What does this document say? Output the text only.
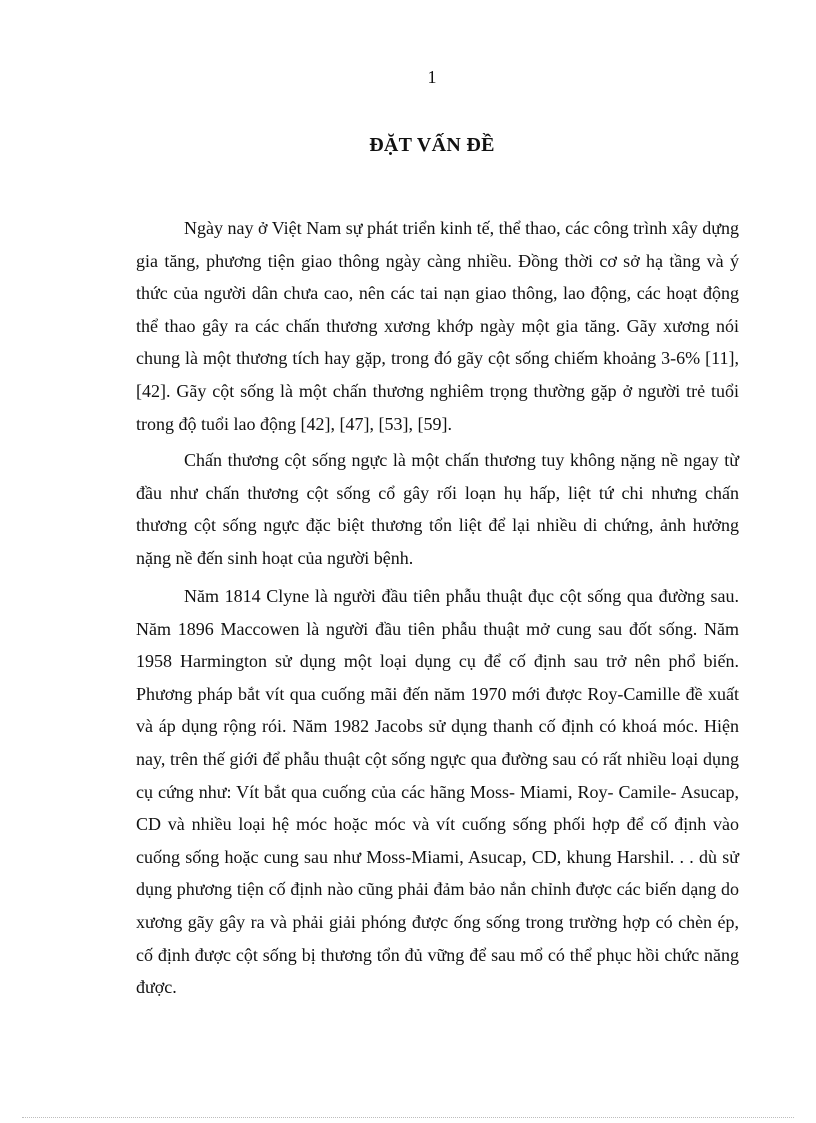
1
ĐẶT VẤN ĐỀ

Ngày nay ở Việt Nam sự phát triển kinh tế, thể thao, các công trình xây dựng gia tăng, phương tiện giao thông ngày càng nhiều. Đồng thời cơ sở hạ tầng và ý thức của người dân chưa cao, nên các tai nạn giao thông, lao động, các hoạt động thể thao gây ra các chấn thương xương khớp ngày một gia tăng. Gãy xương nói chung là một thương tích hay gặp, trong đó gãy cột sống chiếm khoảng 3-6% [11], [42]. Gãy cột sống là một chấn thương nghiêm trọng thường gặp ở người trẻ tuổi trong độ tuổi lao động [42], [47], [53], [59].

Chấn thương cột sống ngực là một chấn thương tuy không nặng nề ngay từ đầu như chấn thương cột sống cổ gây rối loạn hụ hấp, liệt tứ chi nhưng chấn thương cột sống ngực đặc biệt thương tổn liệt để lại nhiều di chứng, ảnh hưởng nặng nề đến sinh hoạt của người bệnh.

Năm 1814 Clyne là người đầu tiên phẫu thuật đục cột sống qua đường sau. Năm 1896 Maccowen là người đầu tiên phẫu thuật mở cung sau đốt sống. Năm 1958 Harmington sử dụng một loại dụng cụ để cố định sau trở nên phổ biến. Phương pháp bắt vít qua cuống mãi đến năm 1970 mới được Roy-Camille đề xuất và áp dụng rộng rói. Năm 1982 Jacobs sử dụng thanh cố định có khoá móc. Hiện nay, trên thế giới để phẫu thuật cột sống ngực qua đường sau có rất nhiều loại dụng cụ cứng như: Vít bắt qua cuống của các hãng Moss- Miami, Roy- Camile- Asucap, CD và nhiều loại hệ móc hoặc móc và vít cuống sống phối hợp để cố định vào cuống sống hoặc cung sau như Moss-Miami, Asucap, CD, khung Harshil. . . dù sử dụng phương tiện cố định nào cũng phải đảm bảo nắn chỉnh được các biến dạng do xương gãy gây ra và phải giải phóng được ống sống trong trường hợp có chèn ép, cố định được cột sống bị thương tổn đủ vững để sau mổ có thể phục hồi chức năng được.
